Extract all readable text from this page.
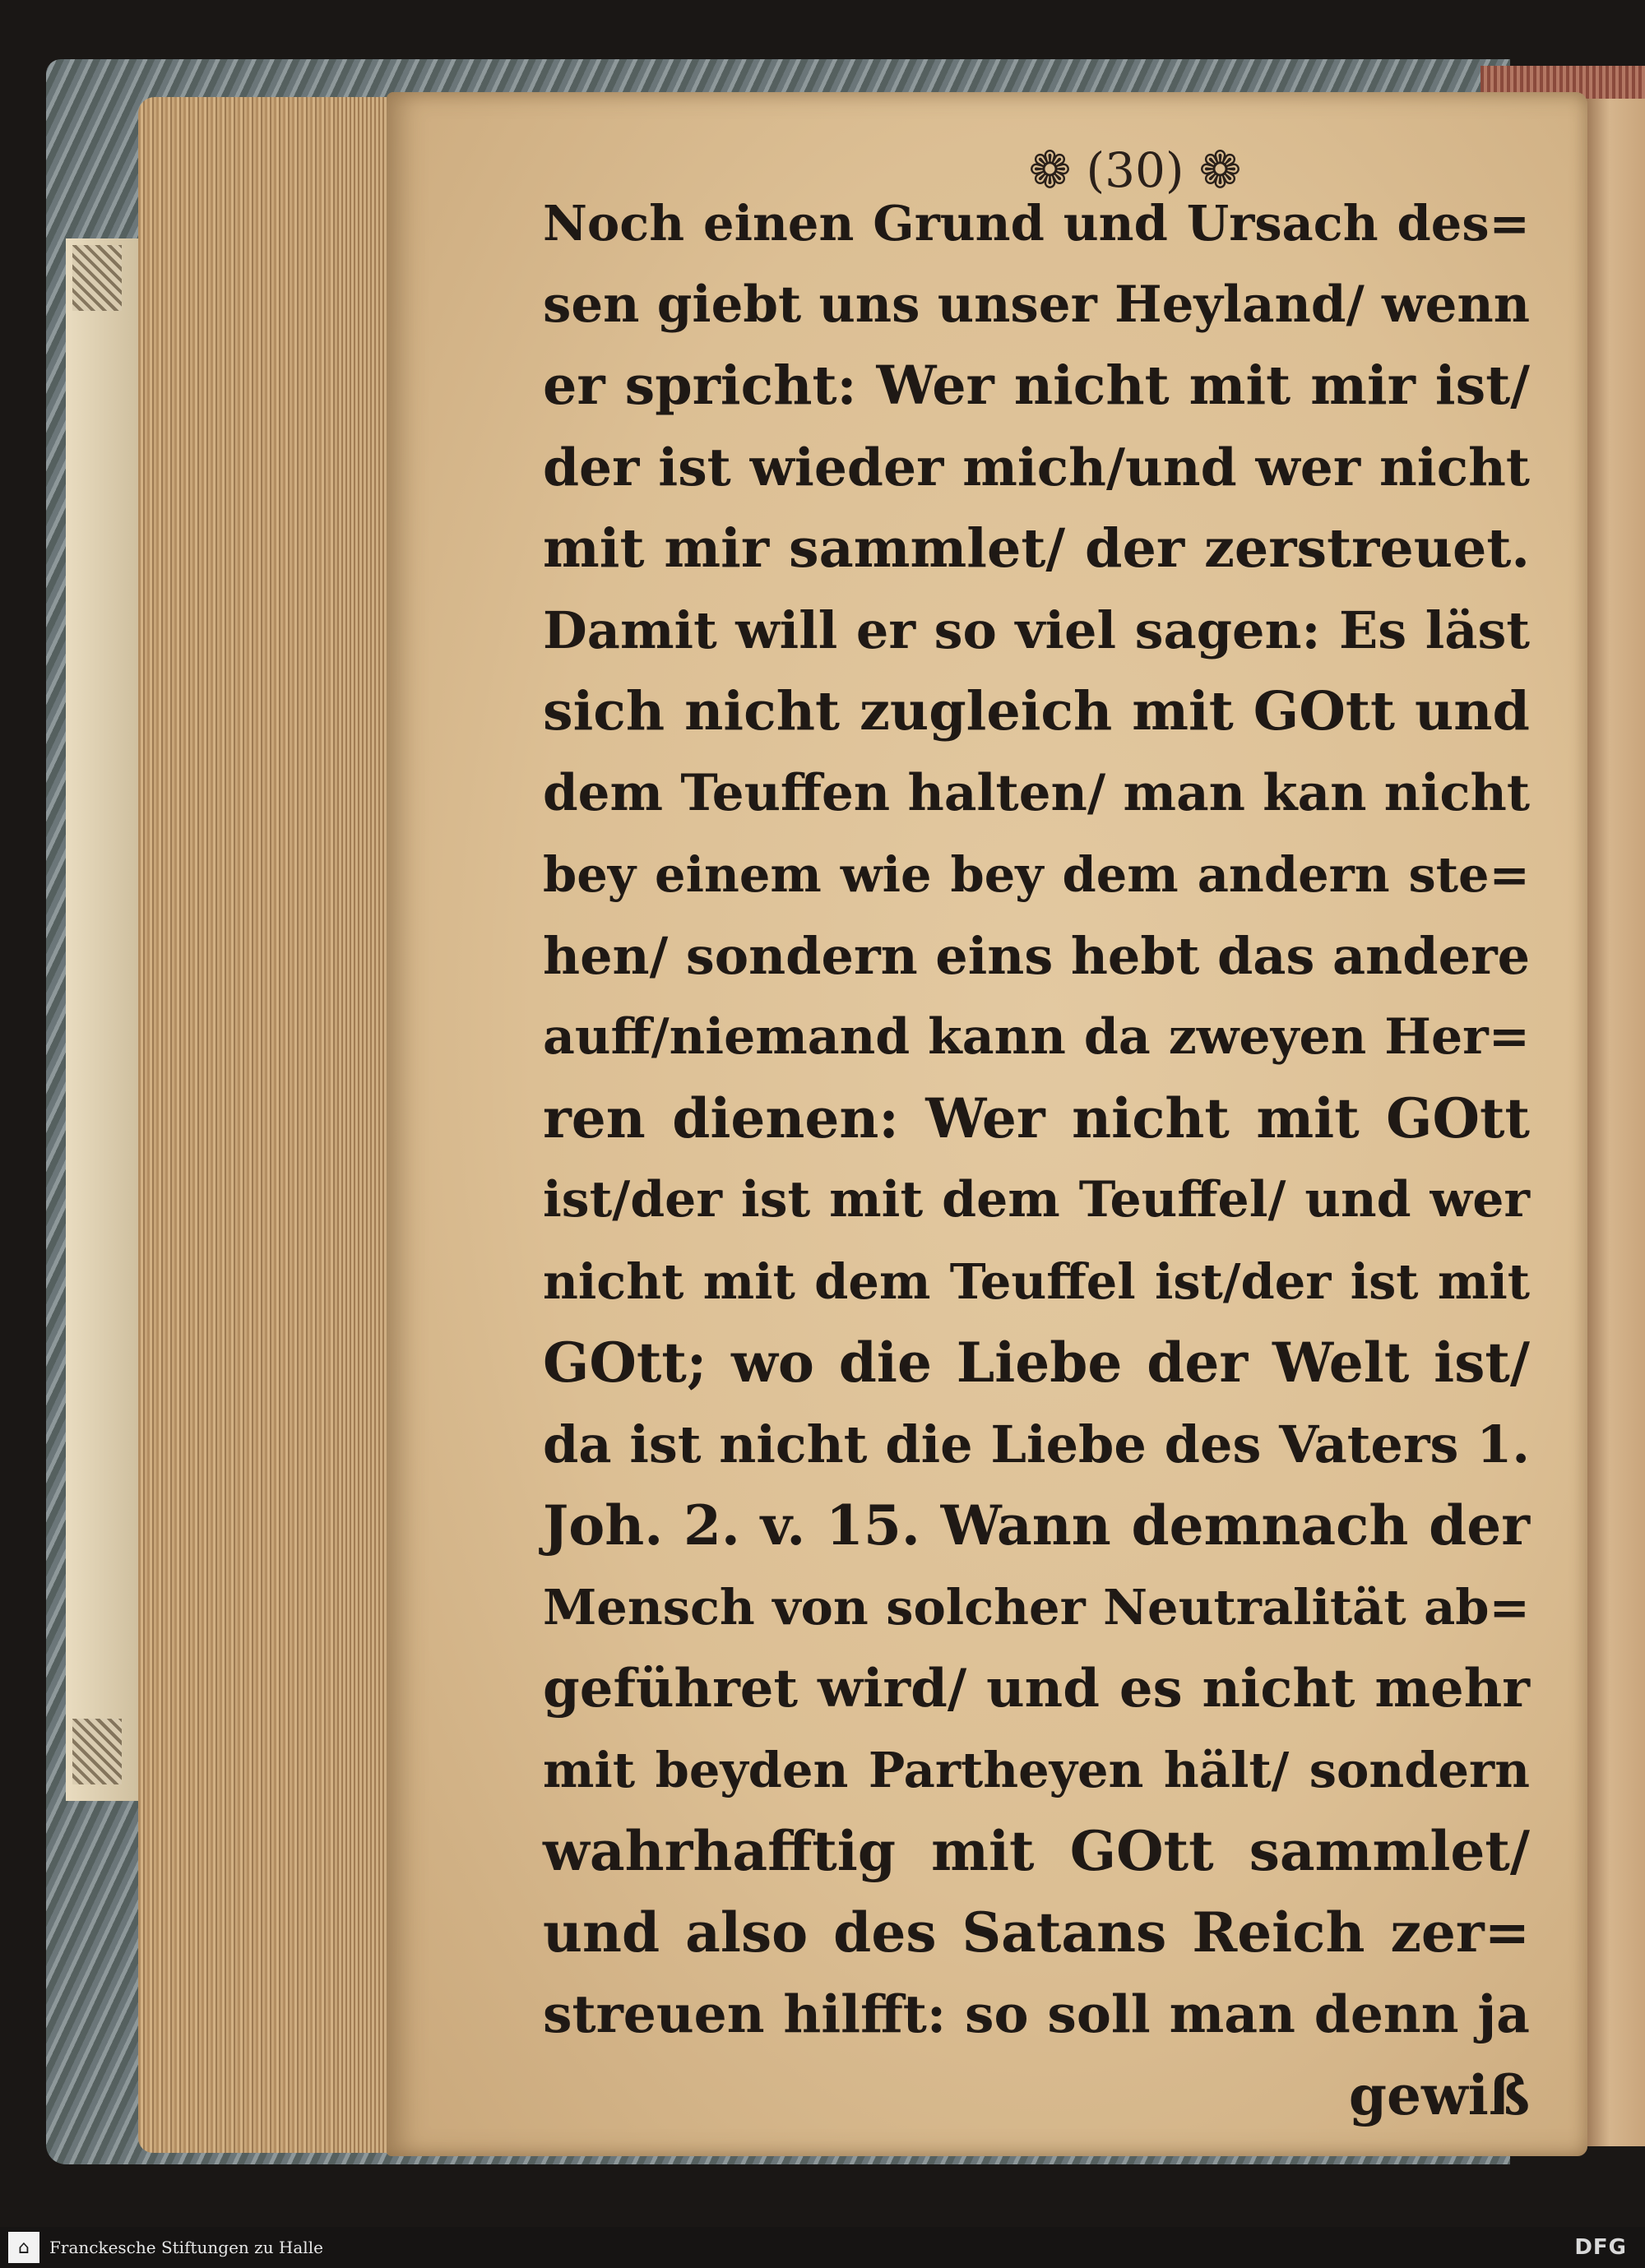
❁ (30) ❁
Noch einen Grund und Ursach des=
sen giebt uns unser Heyland/ wenn
er spricht: Wer nicht mit mir ist/
der ist wieder mich/und wer nicht
mit mir sammlet/ der zerstreuet.
Damit will er so viel sagen: Es läst
sich nicht zugleich mit GOtt und
dem Teuffen halten/ man kan nicht
bey einem wie bey dem andern ste=
hen/ sondern eins hebt das andere
auff/niemand kann da zweyen Her=
ren dienen: Wer nicht mit GOtt
ist/der ist mit dem Teuffel/ und wer
nicht mit dem Teuffel ist/der ist mit
GOtt; wo die Liebe der Welt ist/
da ist nicht die Liebe des Vaters 1.
Joh. 2. v. 15. Wann demnach der
Mensch von solcher Neutralität ab=
geführet wird/ und es nicht mehr
mit beyden Partheyen hält/ sondern
wahrhafftig mit GOtt sammlet/
und also des Satans Reich zer=
streuen hilfft: so soll man denn ja
gewiß
⌂	Franckesche Stiftungen zu Halle	DFG
